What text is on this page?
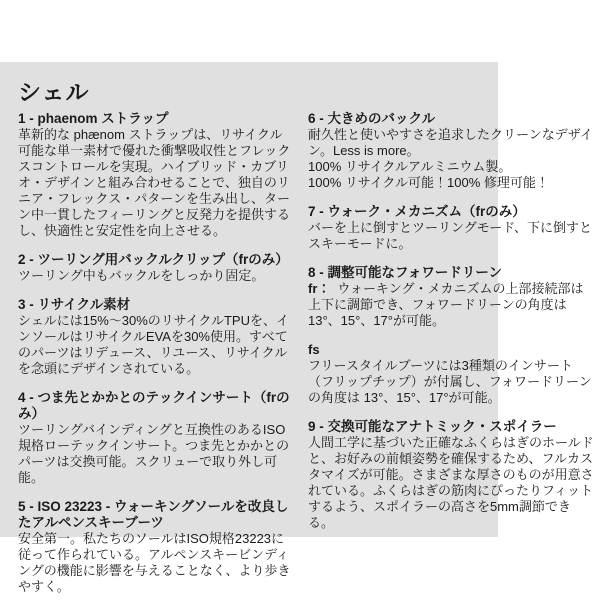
シェル
1 - phaenom ストラップ

革新的な phænom ストラップは、リサイクル可能な単一素材で優れた衝撃吸収性とフレックスコントロールを実現。ハイブリッド・カブリオ・デザインと組み合わせることで、独自のリニア・フレックス・パターンを生み出し、ターン中一貫したフィーリングと反発力を提供するし、快適性と安定性を向上させる。

2 - ツーリング用バックルクリップ（frのみ）

ツーリング中もバックルをしっかり固定。

3 - リサイクル素材

シェルには15%～30%のリサイクルTPUを、インソールはリサイクルEVAを30%使用。すべてのパーツはリデュース、リユース、リサイクルを念頭にデザインされている。

4 - つま先とかかとのテックインサート（frのみ）

ツーリングバインディングと互換性のあるISO規格ローテックインサート。つま先とかかとのパーツは交換可能。スクリューで取り外し可能。

5 - ISO 23223 - ウォーキングソールを改良したアルペンスキーブーツ

安全第一。私たちのソールはISO規格23223に従って作られている。アルペンスキービンディングの機能に影響を与えることなく、より歩きやすく。

6 - 大きめのバックル

耐久性と使いやすさを追求したクリーンなデザイン。Less is more。

100% リサイクルアルミニウム製。

100% リサイクル可能！100% 修理可能！

7 - ウォーク・メカニズム（frのみ）

バーを上に倒すとツーリングモード、下に倒すとスキーモードに。

8 - 調整可能なフォワードリーン

fr： ウォーキング・メカニズムの上部接続部は上下に調節でき、フォワードリーンの角度は 13°、15°、17°が可能。

fs

フリースタイルブーツには3種類のインサート（フリップチップ）が付属し、フォワードリーンの角度は 13°、15°、17°が可能。

9 - 交換可能なアナトミック・スポイラー

人間工学に基づいた正確なふくらはぎのホールドと、お好みの前傾姿勢を確保するため、フルカスタマイズが可能。さまざまな厚さのものが用意されている。ふくらはぎの筋肉にぴったりフィットするよう、スポイラーの高さを5mm調節できる。
